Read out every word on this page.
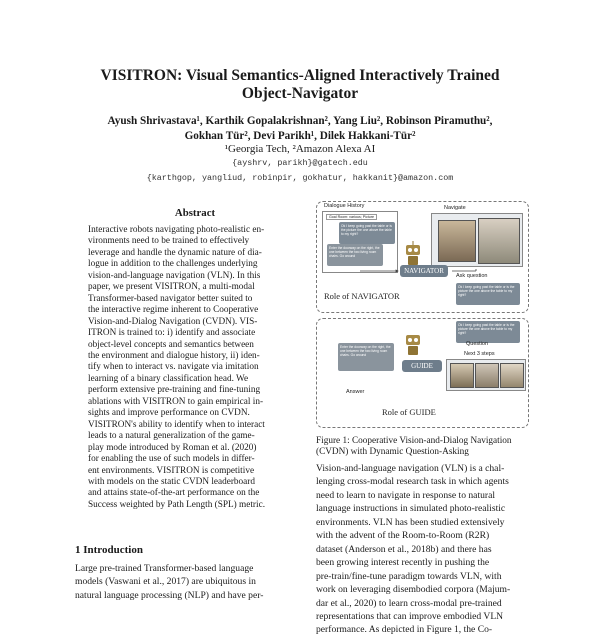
VISITRON: Visual Semantics-Aligned Interactively Trained
Object-Navigator
Ayush Shrivastava¹, Karthik Gopalakrishnan², Yang Liu², Robinson Piramuthu²,
Gokhan Tür², Devi Parikh¹, Dilek Hakkani-Tür²
¹Georgia Tech, ²Amazon Alexa AI
{ayshrv, parikh}@gatech.edu
{karthgop, yangliud, robinpir, gokhatur, hakkanit}@amazon.com
Abstract
Interactive robots navigating photo-realistic en-
vironments need to be trained to effectively
leverage and handle the dynamic nature of dia-
logue in addition to the challenges underlying
vision-and-language navigation (VLN). In this
paper, we present VISITRON, a multi-modal
Transformer-based navigator better suited to
the interactive regime inherent to Cooperative
Vision-and-Dialog Navigation (CVDN). VIS-
ITRON is trained to: i) identify and associate
object-level concepts and semantics between
the environment and dialogue history, ii) iden-
tify when to interact vs. navigate via imitation
learning of a binary classification head. We
perform extensive pre-training and fine-tuning
ablations with VISITRON to gain empirical in-
sights and improve performance on CVDN.
VISITRON's ability to identify when to interact
leads to a natural generalization of the game-
play mode introduced by Roman et al. (2020)
for enabling the use of such models in differ-
ent environments. VISITRON is competitive
with models on the static CVDN leaderboard
and attains state-of-the-art performance on the
Success weighted by Path Length (SPL) metric.
1 Introduction
Large pre-trained Transformer-based language
models (Vaswani et al., 2017) are ubiquitous in
natural language processing (NLP) and have per-
Dialogue History
Goal Room: various; Picture
Ok I keep going past the table or is the picture the one above the table to my right?
Enter the doorway on the right, the one between the two living room chairs. Go around
Navigate
NAVIGATOR
Ask question
Ok I keep going past the table or is the picture the one above the table to my right?
Role of NAVIGATOR
Ok I keep going past the table or is the picture the one above the table to my right?
Question
Enter the doorway on the right, the one between the two living room chairs. Go around
GUIDE
Next 3 steps
Answer
Role of GUIDE
Figure 1: Cooperative Vision-and-Dialog Navigation
(CVDN) with Dynamic Question-Asking
Vision-and-language navigation (VLN) is a chal-
lenging cross-modal research task in which agents
need to learn to navigate in response to natural
language instructions in simulated photo-realistic
environments. VLN has been studied extensively
with the advent of the Room-to-Room (R2R)
dataset (Anderson et al., 2018b) and there has
been growing interest recently in pushing the
pre-train/fine-tune paradigm towards VLN, with
work on leveraging disembodied corpora (Majum-
dar et al., 2020) to learn cross-modal pre-trained
representations that can improve embodied VLN
performance. As depicted in Figure 1, the Co-
